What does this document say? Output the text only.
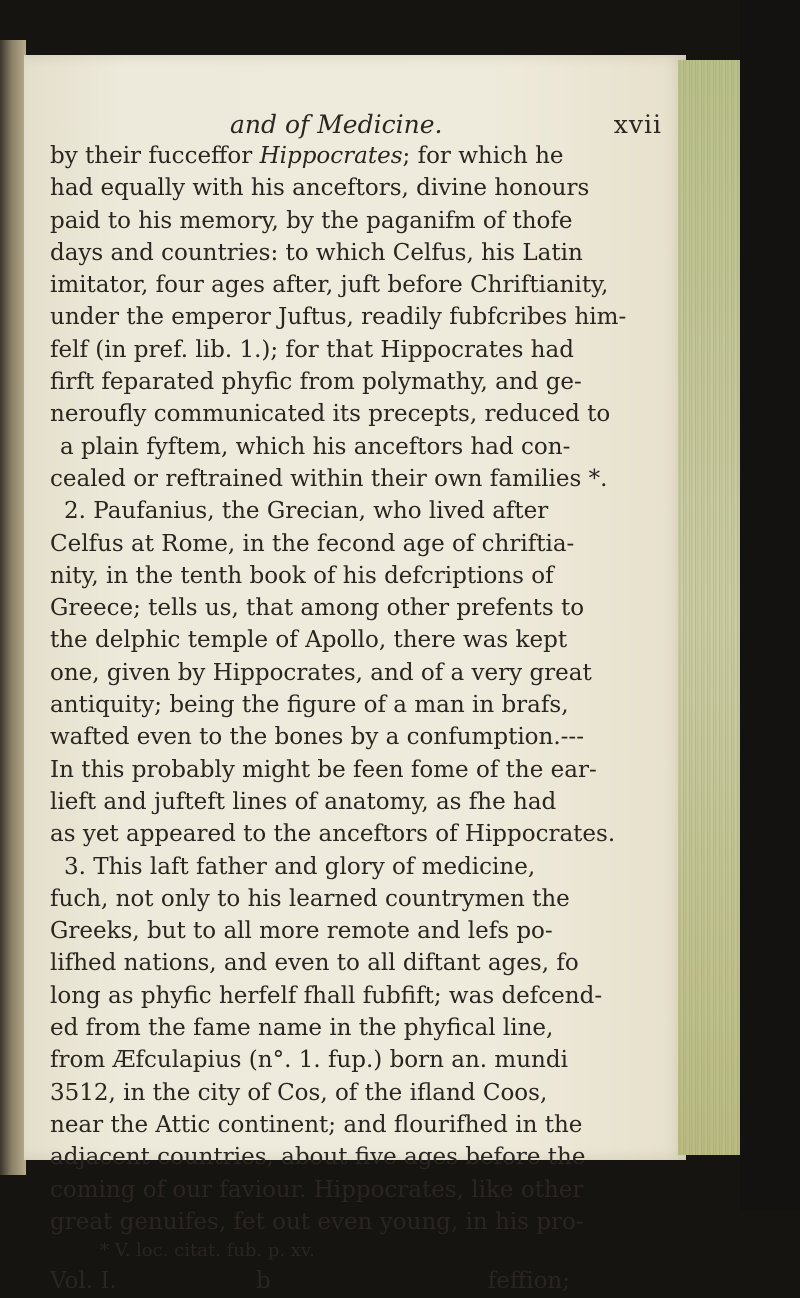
and of Medicine.	xvii
by their fucceffor Hippocrates; for which he
had equally with his anceftors, divine honours
paid to his memory, by the paganifm of thofe
days and countries: to which Celfus, his Latin
imitator, four ages after, juft before Chriftianity,
under the emperor Juftus, readily fubfcribes him-
felf (in pref. lib. 1.); for that Hippocrates had
firft feparated phyfic from polymathy, and ge-
neroufly communicated its precepts, reduced to
a plain fyftem, which his anceftors had con-
cealed or reftrained within their own families *.
2. Paufanius, the Grecian, who lived after
Celfus at Rome, in the fecond age of chriftia-
nity, in the tenth book of his defcriptions of
Greece; tells us, that among other prefents to
the delphic temple of Apollo, there was kept
one, given by Hippocrates, and of a very great
antiquity; being the figure of a man in brafs,
wafted even to the bones by a confumption.---
In this probably might be feen fome of the ear-
lieft and jufteft lines of anatomy, as fhe had
as yet appeared to the anceftors of Hippocrates.
3. This laft father and glory of medicine,
fuch, not only to his learned countrymen the
Greeks, but to all more remote and lefs po-
lifhed nations, and even to all diftant ages, fo
long as phyfic herfelf fhall fubfift; was defcend-
ed from the fame name in the phyfical line,
from Æfculapius (n°. 1. fup.) born an. mundi
3512, in the city of Cos, of the ifland Coos,
near the Attic continent; and flourifhed in the
adjacent countries, about five ages before the
coming of our faviour. Hippocrates, like other
great genuifes, fet out even young, in his pro-
* V. loc. citat. fub. p. xv.
Vol. I.	b	feffion;
